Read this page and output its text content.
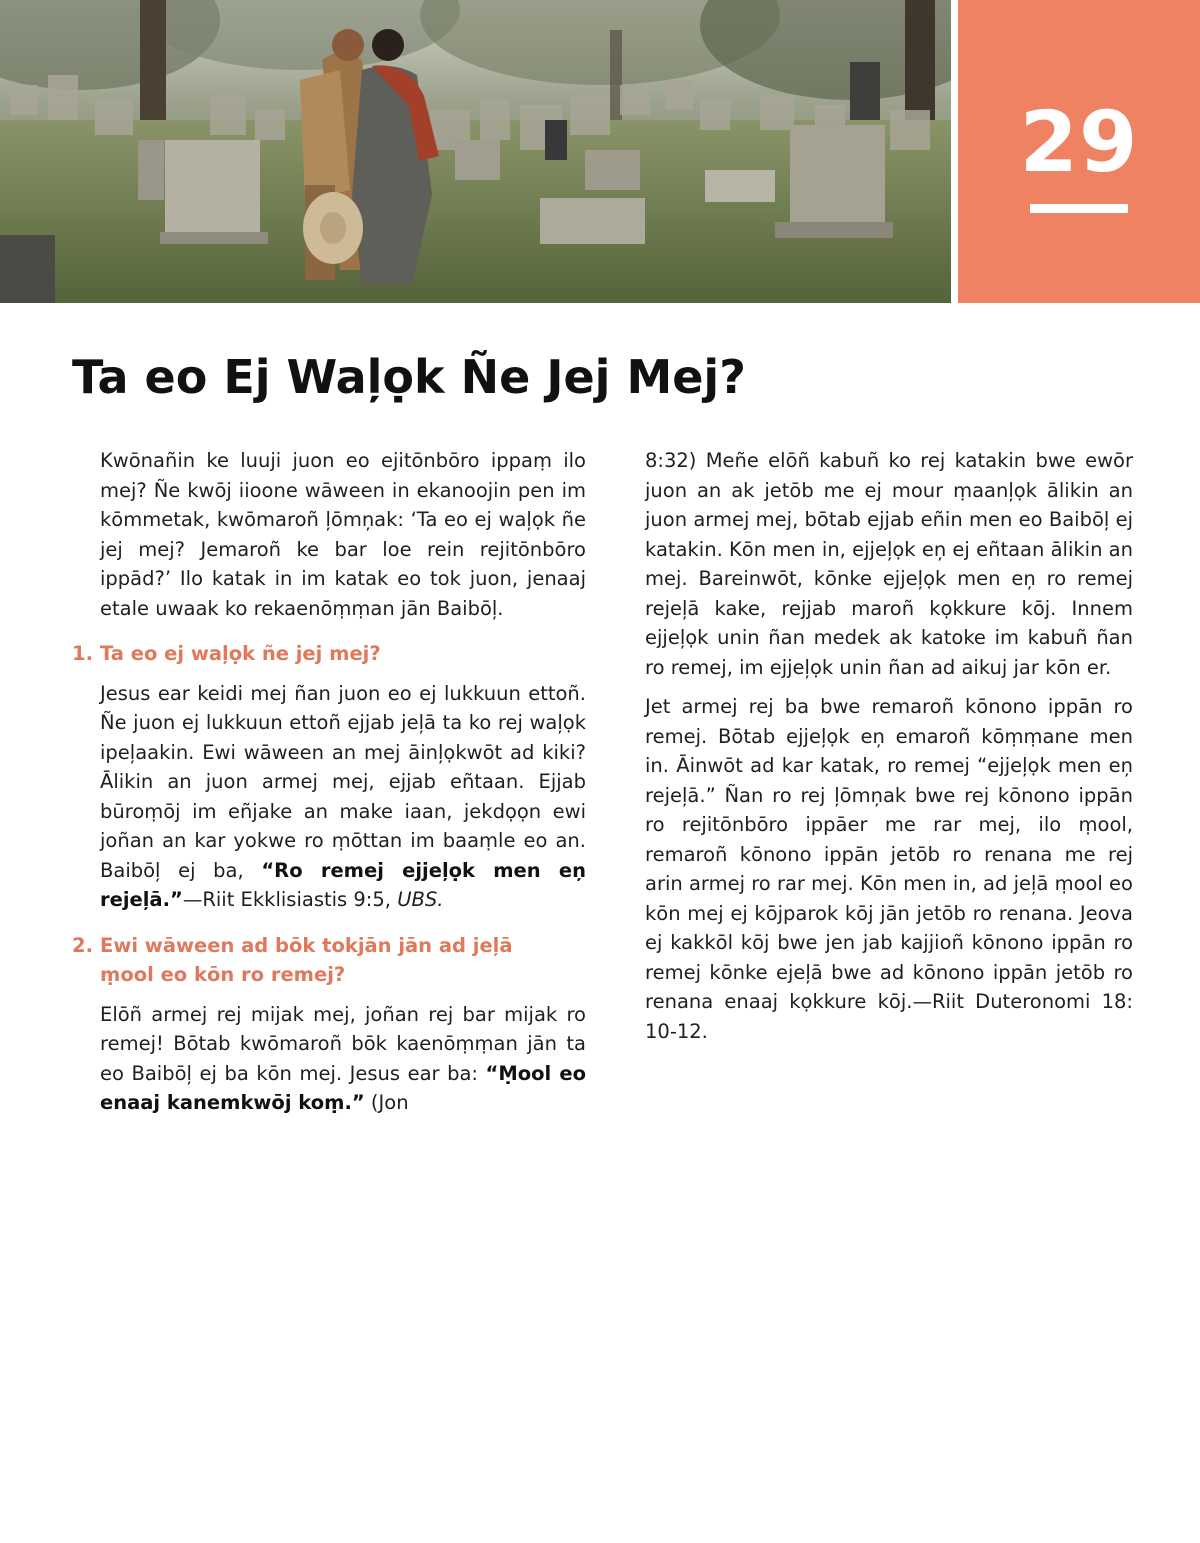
29
Ta eo Ej Waļọk Ñe Jej Mej?

Kwōnañin ke luuji juon eo ejitōnbōro ippaṃ ilo mej? Ñe kwōj iioone wāween in ekanoojin pen im kōmmetak, kwōmaroñ ļōmņak: ‘Ta eo ej waļọk ñe jej mej? Jemaroñ ke bar loe rein rejitōnbōro ippād?’ Ilo katak in im katak eo tok juon, jenaaj etale uwaak ko rekaenōṃṃan jān Baibōļ.

1. Ta eo ej waļọk ñe jej mej?

Jesus ear keidi mej ñan juon eo ej lukkuun ettoñ. Ñe juon ej lukkuun ettoñ ejjab jeļā ta ko rej waļọk ipeļaakin. Ewi wāween an mej āinļọkwōt ad kiki? Ālikin an juon armej mej, ejjab eñtaan. Ejjab būroṃōj im eñjake an make iaan, jekdọọn ewi joñan an kar yokwe ro ṃōttan im baaṃle eo an. Baibōļ ej ba, “Ro remej ejjeļọk men eņ rejeļā.”—Riit Ekklisiastis 9:5, UBS.

2. Ewi wāween ad bōk tokjān jān ad jeļā
ṃool eo kōn ro remej?

Elōñ armej rej mijak mej, joñan rej bar mijak ro remej! Bōtab kwōmaroñ bōk kaenōṃṃan jān ta eo Baibōļ ej ba kōn mej. Jesus ear ba: “Ṃool eo enaaj kanemkwōj koṃ.” (Jon

8:32) Meñe elōñ kabuñ ko rej katakin bwe ewōr juon an ak jetōb me ej mour ṃaanļọk ālikin an juon armej mej, bōtab ejjab eñin men eo Baibōļ ej katakin. Kōn men in, ejjeļọk eņ ej eñtaan ālikin an mej. Bareinwōt, kōnke ejjeļọk men eņ ro remej rejeļā kake, rejjab maroñ kọkkure kōj. Innem ejjeļọk unin ñan medek ak katoke im kabuñ ñan ro remej, im ejjeļọk unin ñan ad aikuj jar kōn er.

Jet armej rej ba bwe remaroñ kōnono ippān ro remej. Bōtab ejjeļọk eņ emaroñ kōṃṃane men in. Āinwōt ad kar katak, ro remej “ejjeļọk men eņ rejeļā.” Ñan ro rej ļōmņak bwe rej kōnono ippān ro rejitōnbōro ippāer me rar mej, ilo ṃool, remaroñ kōnono ippān jetōb ro renana me rej arin armej ro rar mej. Kōn men in, ad jeļā ṃool eo kōn mej ej kōjparok kōj jān jetōb ro renana. Jeova ej kakkōl kōj bwe jen jab kajjioñ kōnono ippān ro remej kōnke ejeļā bwe ad kōnono ippān jetōb ro renana enaaj kọkkure kōj.—Riit Duteronomi 18: 10-12.
